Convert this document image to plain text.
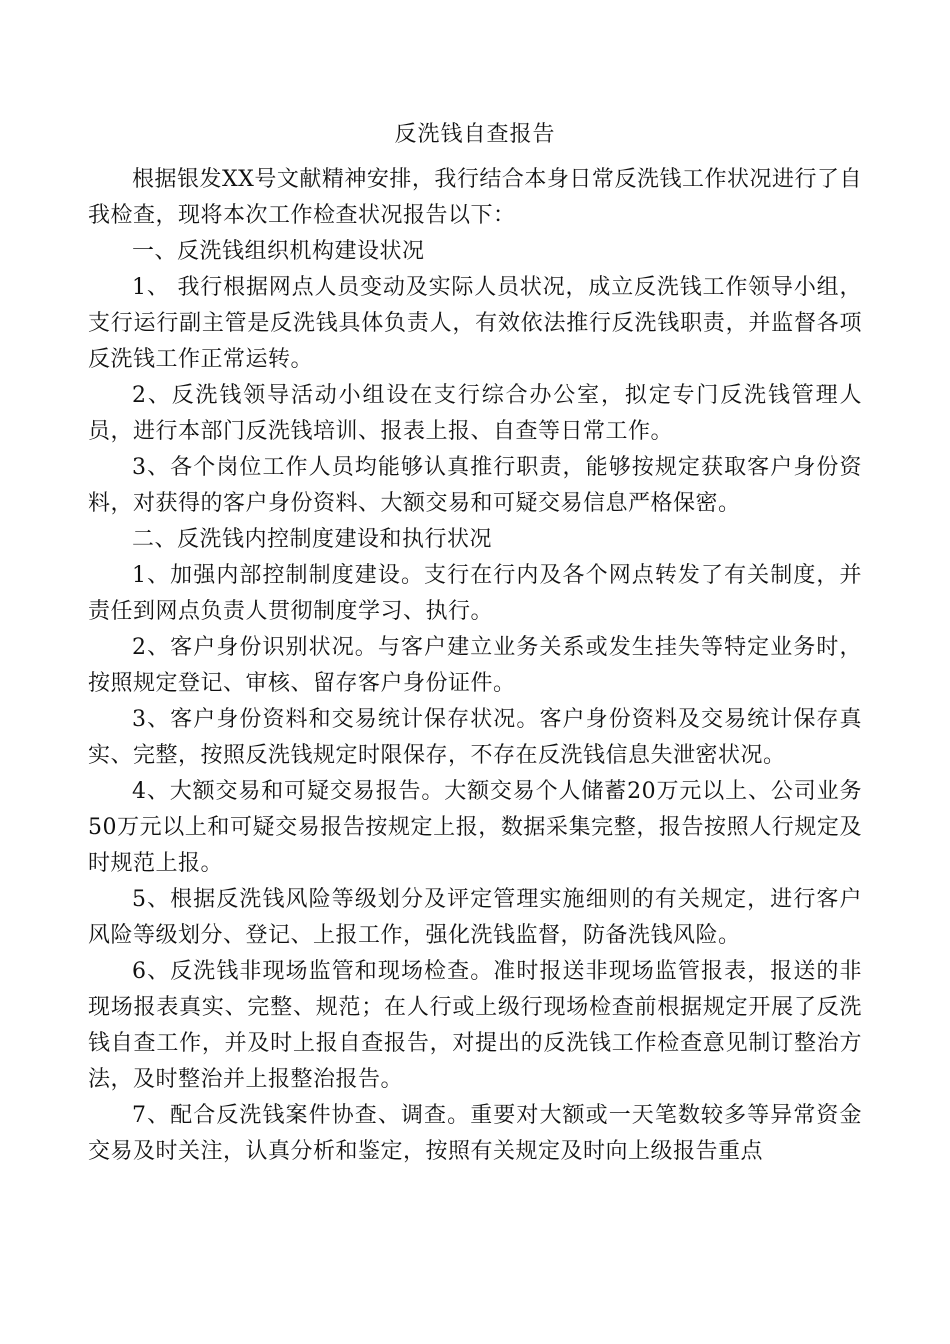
反洗钱自查报告

根据银发XX号文献精神安排，我行结合本身日常反洗钱工作状况进行了自我检查，现将本次工作检查状况报告以下：

一、反洗钱组织机构建设状况

1、 我行根据网点人员变动及实际人员状况，成立反洗钱工作领导小组，支行运行副主管是反洗钱具体负责人，有效依法推行反洗钱职责，并监督各项反洗钱工作正常运转。

2、反洗钱领导活动小组设在支行综合办公室，拟定专门反洗钱管理人员，进行本部门反洗钱培训、报表上报、自查等日常工作。

3、各个岗位工作人员均能够认真推行职责，能够按规定获取客户身份资料，对获得的客户身份资料、大额交易和可疑交易信息严格保密。

二、反洗钱内控制度建设和执行状况

1、加强内部控制制度建设。支行在行内及各个网点转发了有关制度，并责任到网点负责人贯彻制度学习、执行。

2、客户身份识别状况。与客户建立业务关系或发生挂失等特定业务时，按照规定登记、审核、留存客户身份证件。

3、客户身份资料和交易统计保存状况。客户身份资料及交易统计保存真实、完整，按照反洗钱规定时限保存，不存在反洗钱信息失泄密状况。

4、大额交易和可疑交易报告。大额交易个人储蓄20万元以上、公司业务50万元以上和可疑交易报告按规定上报，数据采集完整，报告按照人行规定及时规范上报。

5、根据反洗钱风险等级划分及评定管理实施细则的有关规定，进行客户风险等级划分、登记、上报工作，强化洗钱监督，防备洗钱风险。

6、反洗钱非现场监管和现场检查。准时报送非现场监管报表，报送的非现场报表真实、完整、规范；在人行或上级行现场检查前根据规定开展了反洗钱自查工作，并及时上报自查报告，对提出的反洗钱工作检查意见制订整治方法，及时整治并上报整治报告。

7、配合反洗钱案件协查、调查。重要对大额或一天笔数较多等异常资金交易及时关注，认真分析和鉴定，按照有关规定及时向上级报告重点
